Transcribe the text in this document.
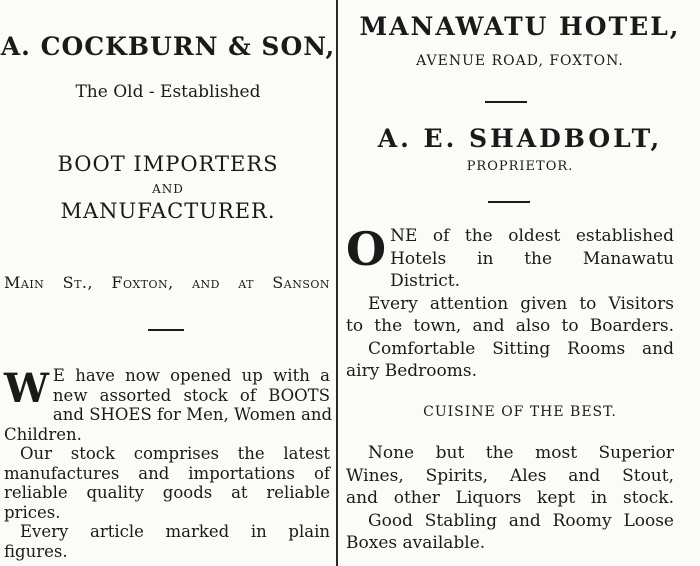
A. COCKBURN & SON,
The Old - Established
BOOT IMPORTERS
AND
MANUFACTURER.
Main St., Foxton, and at Sanson
W E have now opened up with a
new assorted stock of BOOTS
and SHOES for Men, Women and
Children.
Our stock comprises the latest
manufactures and importations of
reliable quality goods at reliable
prices.
Every article marked in plain
figures.
MANAWATU HOTEL,
AVENUE ROAD, FOXTON.
A. E. SHADBOLT,
PROPRIETOR.
O NE of the oldest established
Hotels in the Manawatu
District.
Every attention given to Visitors
to the town, and also to Boarders.
Comfortable Sitting Rooms and
airy Bedrooms.
CUISINE OF THE BEST.
None but the most Superior
Wines, Spirits, Ales and Stout,
and other Liquors kept in stock.
Good Stabling and Roomy Loose
Boxes available.
